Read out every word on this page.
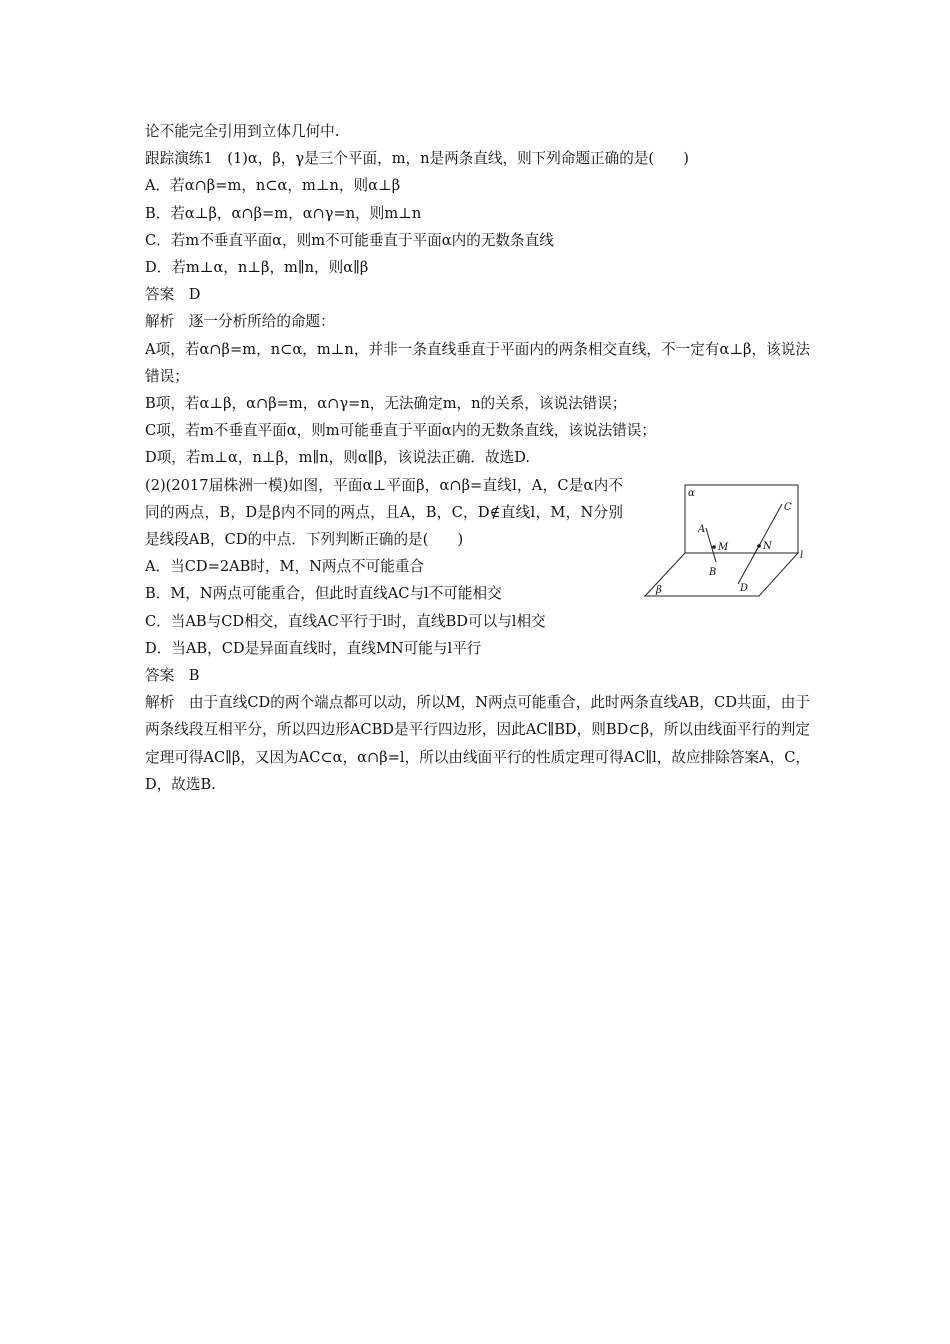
论不能完全引用到立体几何中.

跟踪演练1　(1)α，β，γ是三个平面，m，n是两条直线，则下列命题正确的是(　　)

A．若α∩β=m，n⊂α，m⊥n，则α⊥β

B．若α⊥β，α∩β=m，α∩γ=n，则m⊥n

C．若m不垂直平面α，则m不可能垂直于平面α内的无数条直线

D．若m⊥α，n⊥β，m∥n，则α∥β

答案　D

解析　逐一分析所给的命题：

A项，若α∩β=m，n⊂α，m⊥n，并非一条直线垂直于平面内的两条相交直线，不一定有α⊥β，该说法错误；

B项，若α⊥β，α∩β=m，α∩γ=n，无法确定m，n的关系，该说法错误；

C项，若m不垂直平面α，则m可能垂直于平面α内的无数条直线，该说法错误；

D项，若m⊥α，n⊥β，m∥n，则α∥β，该说法正确．故选D.

(2)(2017届株洲一模)如图，平面α⊥平面β，α∩β=直线l，A，C是α内不同的两点，B，D是β内不同的两点，且A，B，C，D∉直线l，M，N分别是线段AB，CD的中点．下列判断正确的是(　　)

A．当CD=2AB时，M，N两点不可能重合

B．M，N两点可能重合，但此时直线AC与l不可能相交

C．当AB与CD相交，直线AC平行于l时，直线BD可以与l相交

D．当AB，CD是异面直线时，直线MN可能与l平行

答案　B

解析　由于直线CD的两个端点都可以动，所以M，N两点可能重合，此时两条直线AB，CD共面，由于两条线段互相平分，所以四边形ACBD是平行四边形，因此AC∥BD，则BD⊂β，所以由线面平行的判定定理可得AC∥β，又因为AC⊂α，α∩β=l，所以由线面平行的性质定理可得AC∥l，故应排除答案A，C，D，故选B.

α
β
l
A
B
C
D
M	N
